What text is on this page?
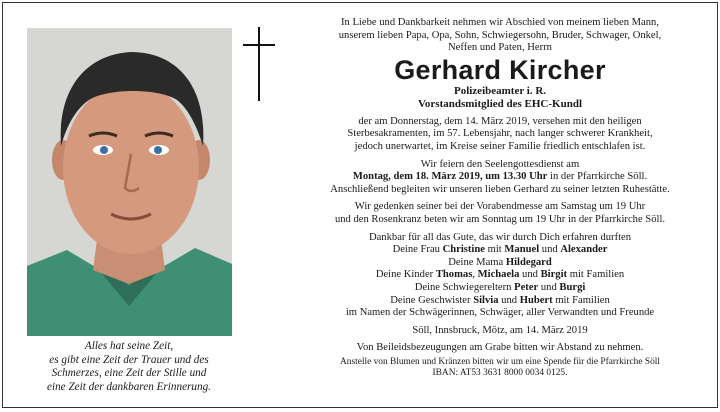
Alles hat seine Zeit,
es gibt eine Zeit der Trauer und des
Schmerzes, eine Zeit der Stille und
eine Zeit der dankbaren Erinnerung.

In Liebe und Dankbarkeit nehmen wir Abschied von meinem lieben Mann,

unserem lieben Papa, Opa, Sohn, Schwiegersohn, Bruder, Schwager, Onkel,

Neffen und Paten, Herrn

Gerhard Kircher

Polizeibeamter i. R.

Vorstandsmitglied des EHC-Kundl

der am Donnerstag, dem 14. März 2019, versehen mit den heiligen

Sterbesakramenten, im 57. Lebensjahr, nach langer schwerer Krankheit,

jedoch unerwartet, im Kreise seiner Familie friedlich entschlafen ist.

Wir feiern den Seelengottesdienst am

Montag, dem 18. März 2019, um 13.30 Uhr in der Pfarrkirche Söll.

Anschließend begleiten wir unseren lieben Gerhard zu seiner letzten Ruhestätte.

Wir gedenken seiner bei der Vorabendmesse am Samstag um 19 Uhr

und den Rosenkranz beten wir am Sonntag um 19 Uhr in der Pfarrkirche Söll.

Dankbar für all das Gute, das wir durch Dich erfahren durften

Deine Frau Christine mit Manuel und Alexander

Deine Mama Hildegard

Deine Kinder Thomas, Michaela und Birgit mit Familien

Deine Schwiegereltern Peter und Burgi

Deine Geschwister Silvia und Hubert mit Familien

im Namen der Schwägerinnen, Schwäger, aller Verwandten und Freunde

Söll, Innsbruck, Mötz, am 14. März 2019

Von Beileidsbezeugungen am Grabe bitten wir Abstand zu nehmen.

Anstelle von Blumen und Kränzen bitten wir um eine Spende für die Pfarrkirche Söll

IBAN: AT53 3631 8000 0034 0125.
